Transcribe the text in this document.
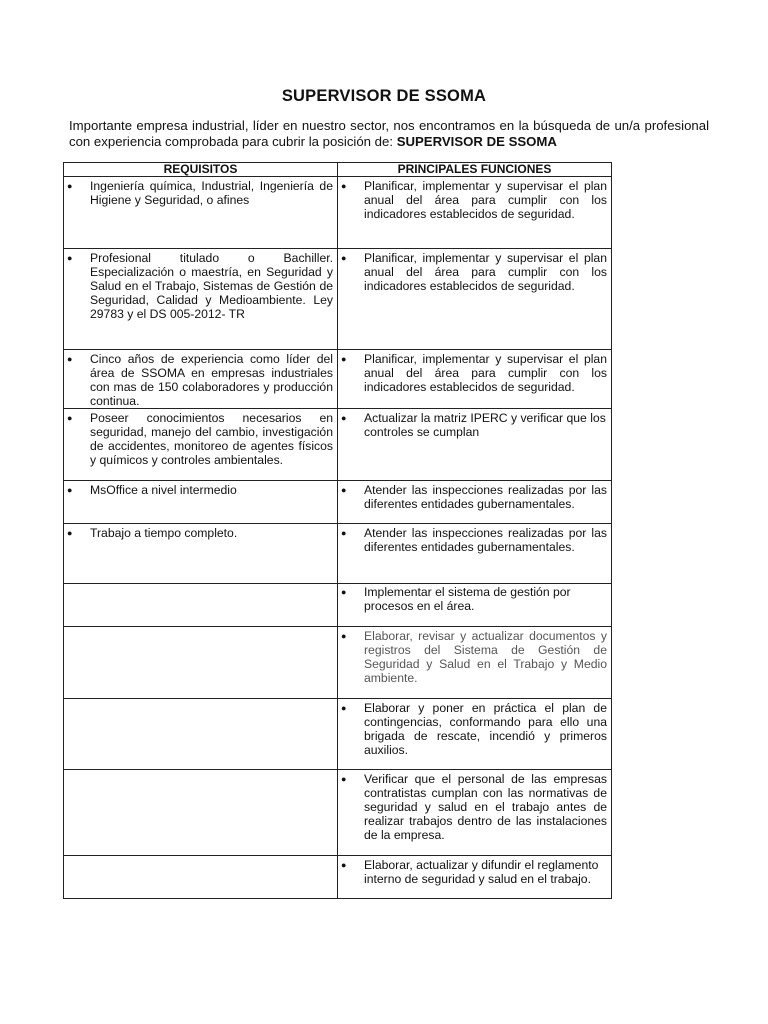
SUPERVISOR DE SSOMA
Importante empresa industrial, líder en nuestro sector, nos encontramos en la búsqueda de un/a profesional con experiencia comprobada para cubrir la posición de: SUPERVISOR DE SSOMA
REQUISITOS	PRINCIPALES FUNCIONES

● Ingeniería química, Industrial, Ingeniería de Higiene y Seguridad, o afines	● Planificar, implementar y supervisar el plan anual del área para cumplir con los indicadores establecidos de seguridad.

● Profesional titulado o Bachiller. Especialización o maestría, en Seguridad y Salud en el Trabajo, Sistemas de Gestión de Seguridad, Calidad y Medioambiente. Ley 29783 y el DS 005-2012- TR	● Planificar, implementar y supervisar el plan anual del área para cumplir con los indicadores establecidos de seguridad.

● Cinco años de experiencia como líder del área de SSOMA en empresas industriales con mas de 150 colaboradores y producción continua.	● Planificar, implementar y supervisar el plan anual del área para cumplir con los indicadores establecidos de seguridad.

● Poseer conocimientos necesarios en seguridad, manejo del cambio, investigación de accidentes, monitoreo de agentes físicos y químicos y controles ambientales.	● Actualizar la matriz IPERC y verificar que los controles se cumplan

● MsOffice a nivel intermedio	● Atender las inspecciones realizadas por las diferentes entidades gubernamentales.

● Trabajo a tiempo completo.	● Atender las inspecciones realizadas por las diferentes entidades gubernamentales.

	● Implementar el sistema de gestión por procesos en el área.

	● Elaborar, revisar y actualizar documentos y registros del Sistema de Gestión de Seguridad y Salud en el Trabajo y Medio ambiente.

	● Elaborar y poner en práctica el plan de contingencias, conformando para ello una brigada de rescate, incendió y primeros auxilios.

	● Verificar que el personal de las empresas contratistas cumplan con las normativas de seguridad y salud en el trabajo antes de realizar trabajos dentro de las instalaciones de la empresa.

	● Elaborar, actualizar y difundir el reglamento interno de seguridad y salud en el trabajo.
